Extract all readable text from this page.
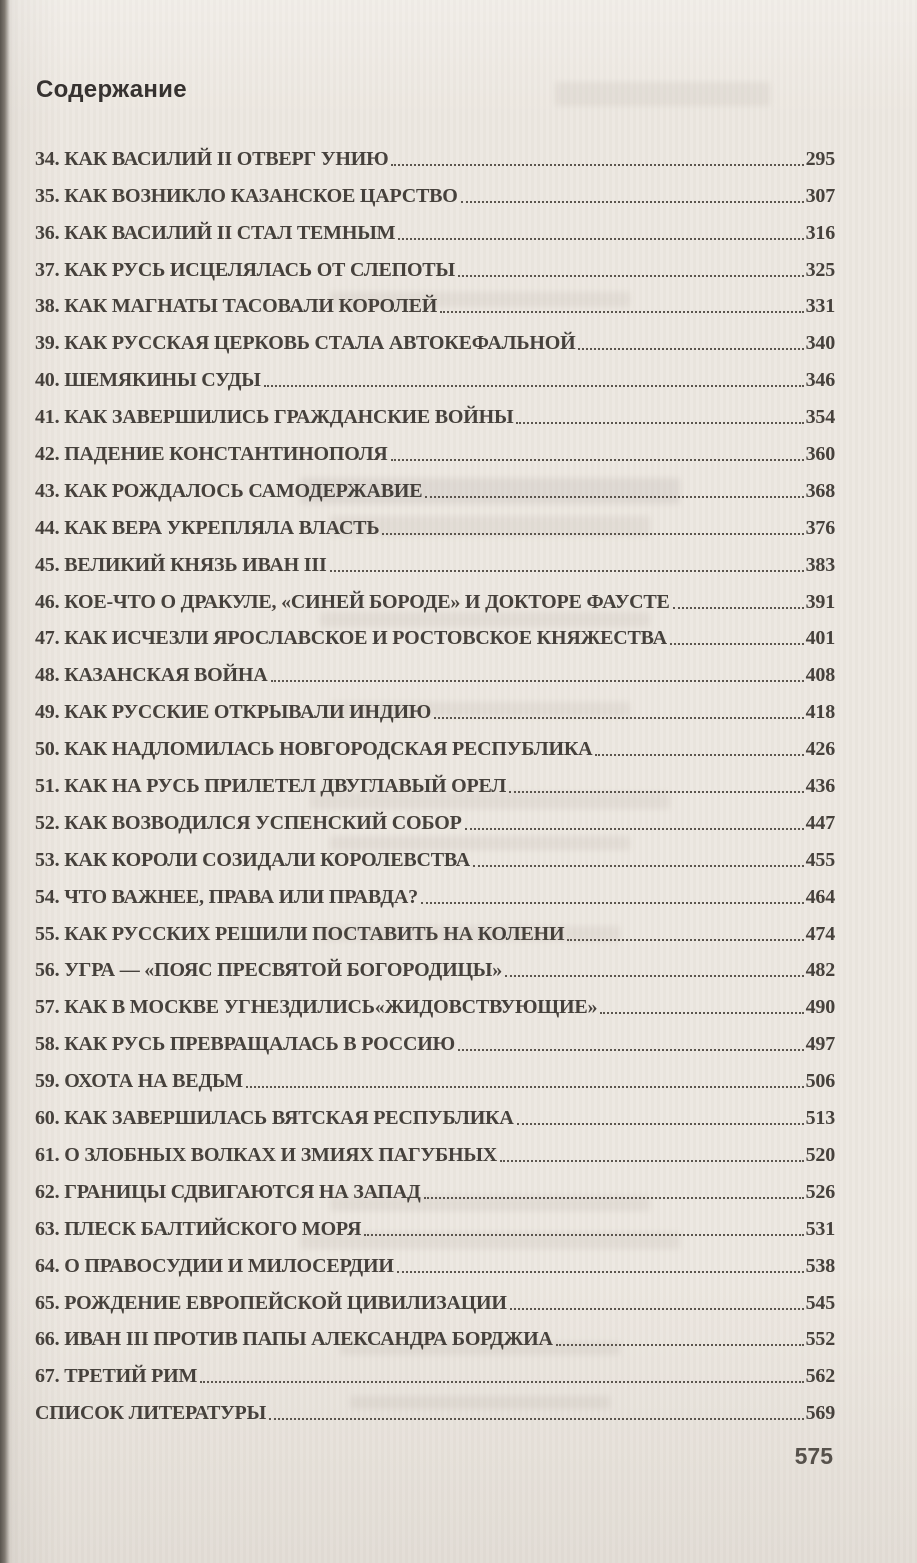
Содержание
34. КАК ВАСИЛИЙ II ОТВЕРГ УНИЮ	295
35. КАК ВОЗНИКЛО КАЗАНСКОЕ ЦАРСТВО	307
36. КАК ВАСИЛИЙ II СТАЛ ТЕМНЫМ	316
37. КАК РУСЬ ИСЦЕЛЯЛАСЬ ОТ СЛЕПОТЫ	325
38. КАК МАГНАТЫ ТАСОВАЛИ КОРОЛЕЙ	331
39. КАК РУССКАЯ ЦЕРКОВЬ СТАЛА АВТОКЕФАЛЬНОЙ	340
40. ШЕМЯКИНЫ СУДЫ	346
41. КАК ЗАВЕРШИЛИСЬ ГРАЖДАНСКИЕ ВОЙНЫ	354
42. ПАДЕНИЕ КОНСТАНТИНОПОЛЯ	360
43. КАК РОЖДАЛОСЬ САМОДЕРЖАВИЕ	368
44. КАК ВЕРА УКРЕПЛЯЛА ВЛАСТЬ	376
45. ВЕЛИКИЙ КНЯЗЬ ИВАН III	383
46. КОЕ-ЧТО О ДРАКУЛЕ, «СИНЕЙ БОРОДЕ» И ДОКТОРЕ ФАУСТЕ	391
47. КАК ИСЧЕЗЛИ ЯРОСЛАВСКОЕ И РОСТОВСКОЕ КНЯЖЕСТВА	401
48. КАЗАНСКАЯ ВОЙНА	408
49. КАК РУССКИЕ ОТКРЫВАЛИ ИНДИЮ	418
50. КАК НАДЛОМИЛАСЬ НОВГОРОДСКАЯ РЕСПУБЛИКА	426
51. КАК НА РУСЬ ПРИЛЕТЕЛ ДВУГЛАВЫЙ ОРЕЛ	436
52. КАК ВОЗВОДИЛСЯ УСПЕНСКИЙ СОБОР	447
53. КАК КОРОЛИ СОЗИДАЛИ КОРОЛЕВСТВА	455
54. ЧТО ВАЖНЕЕ, ПРАВА ИЛИ ПРАВДА?	464
55. КАК РУССКИХ РЕШИЛИ ПОСТАВИТЬ НА КОЛЕНИ	474
56. УГРА — «ПОЯС ПРЕСВЯТОЙ БОГОРОДИЦЫ»	482
57. КАК В МОСКВЕ УГНЕЗДИЛИСЬ«ЖИДОВСТВУЮЩИЕ»	490
58. КАК РУСЬ ПРЕВРАЩАЛАСЬ В РОССИЮ	497
59. ОХОТА НА ВЕДЬМ	506
60. КАК ЗАВЕРШИЛАСЬ ВЯТСКАЯ РЕСПУБЛИКА	513
61. О ЗЛОБНЫХ ВОЛКАХ И ЗМИЯХ ПАГУБНЫХ	520
62. ГРАНИЦЫ СДВИГАЮТСЯ НА ЗАПАД	526
63. ПЛЕСК БАЛТИЙСКОГО МОРЯ	531
64. О ПРАВОСУДИИ И МИЛОСЕРДИИ	538
65. РОЖДЕНИЕ ЕВРОПЕЙСКОЙ ЦИВИЛИЗАЦИИ	545
66. ИВАН III ПРОТИВ ПАПЫ АЛЕКСАНДРА БОРДЖИА	552
67. ТРЕТИЙ РИМ	562
СПИСОК ЛИТЕРАТУРЫ	569
575
